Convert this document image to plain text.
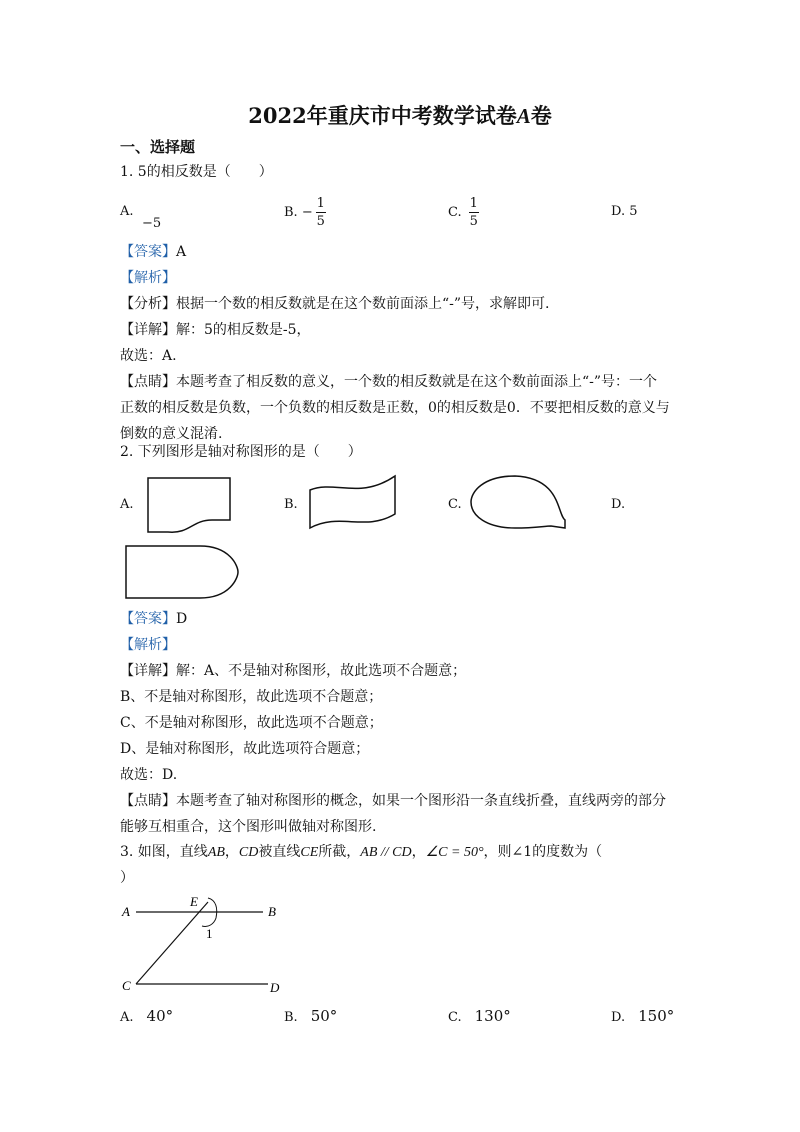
2022年重庆市中考数学试卷A卷
一、选择题
1. 5的相反数是（　　）
A.
−5
B. − $\frac{1}{5}$	C. $\frac{1}{5}$	D. 5
【答案】A
【解析】
【分析】根据一个数的相反数就是在这个数前面添上“-”号，求解即可.
【详解】解：5的相反数是-5，
故选：A.
【点睛】本题考查了相反数的意义，一个数的相反数就是在这个数前面添上“-”号：一个
正数的相反数是负数，一个负数的相反数是正数，0的相反数是0．不要把相反数的意义与
倒数的意义混淆.
2. 下列图形是轴对称图形的是（　　）
A.	B.	C.	D.
【答案】D
【解析】
【详解】解：A、不是轴对称图形，故此选项不合题意；
B、不是轴对称图形，故此选项不合题意；
C、不是轴对称图形，故此选项不合题意；
D、是轴对称图形，故此选项符合题意；
故选：D.
【点睛】本题考查了轴对称图形的概念，如果一个图形沿一条直线折叠，直线两旁的部分
能够互相重合，这个图形叫做轴对称图形.
3. 如图，直线AB，CD被直线CE所截，AB // CD，∠C = 50°，则∠1的度数为（
）
A	B
C	D
E
1
A.　 40°	B.　 50°	C.　 130°	D.　 150°
